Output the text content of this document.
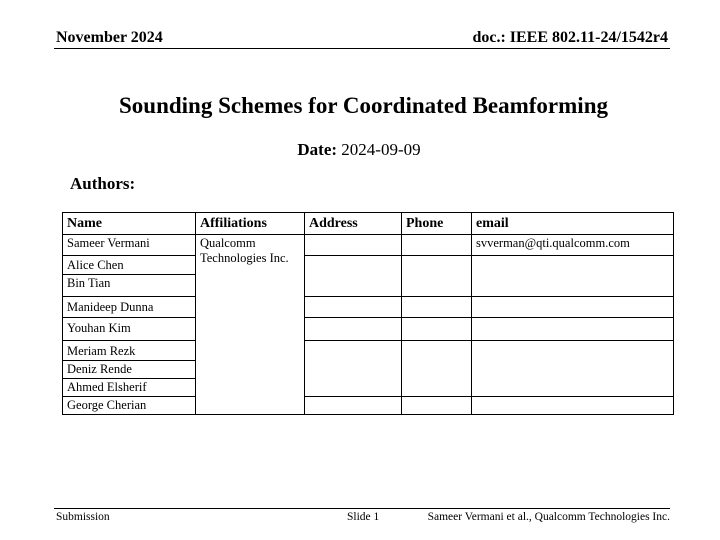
November 2024	doc.: IEEE 802.11-24/1542r4
Sounding Schemes for Coordinated Beamforming
Date: 2024-09-09
Authors:
Name	Affiliations	Address	Phone	email
Sameer Vermani	Qualcomm Technologies Inc.			svverman@qti.qualcomm.com
Alice Chen				
Bin Tian				
Manideep Dunna				
Youhan Kim				
Meriam Rezk				
Deniz Rende				
Ahmed Elsherif				
George Cherian				
Submission	Slide 1	Sameer Vermani et al., Qualcomm Technologies Inc.
